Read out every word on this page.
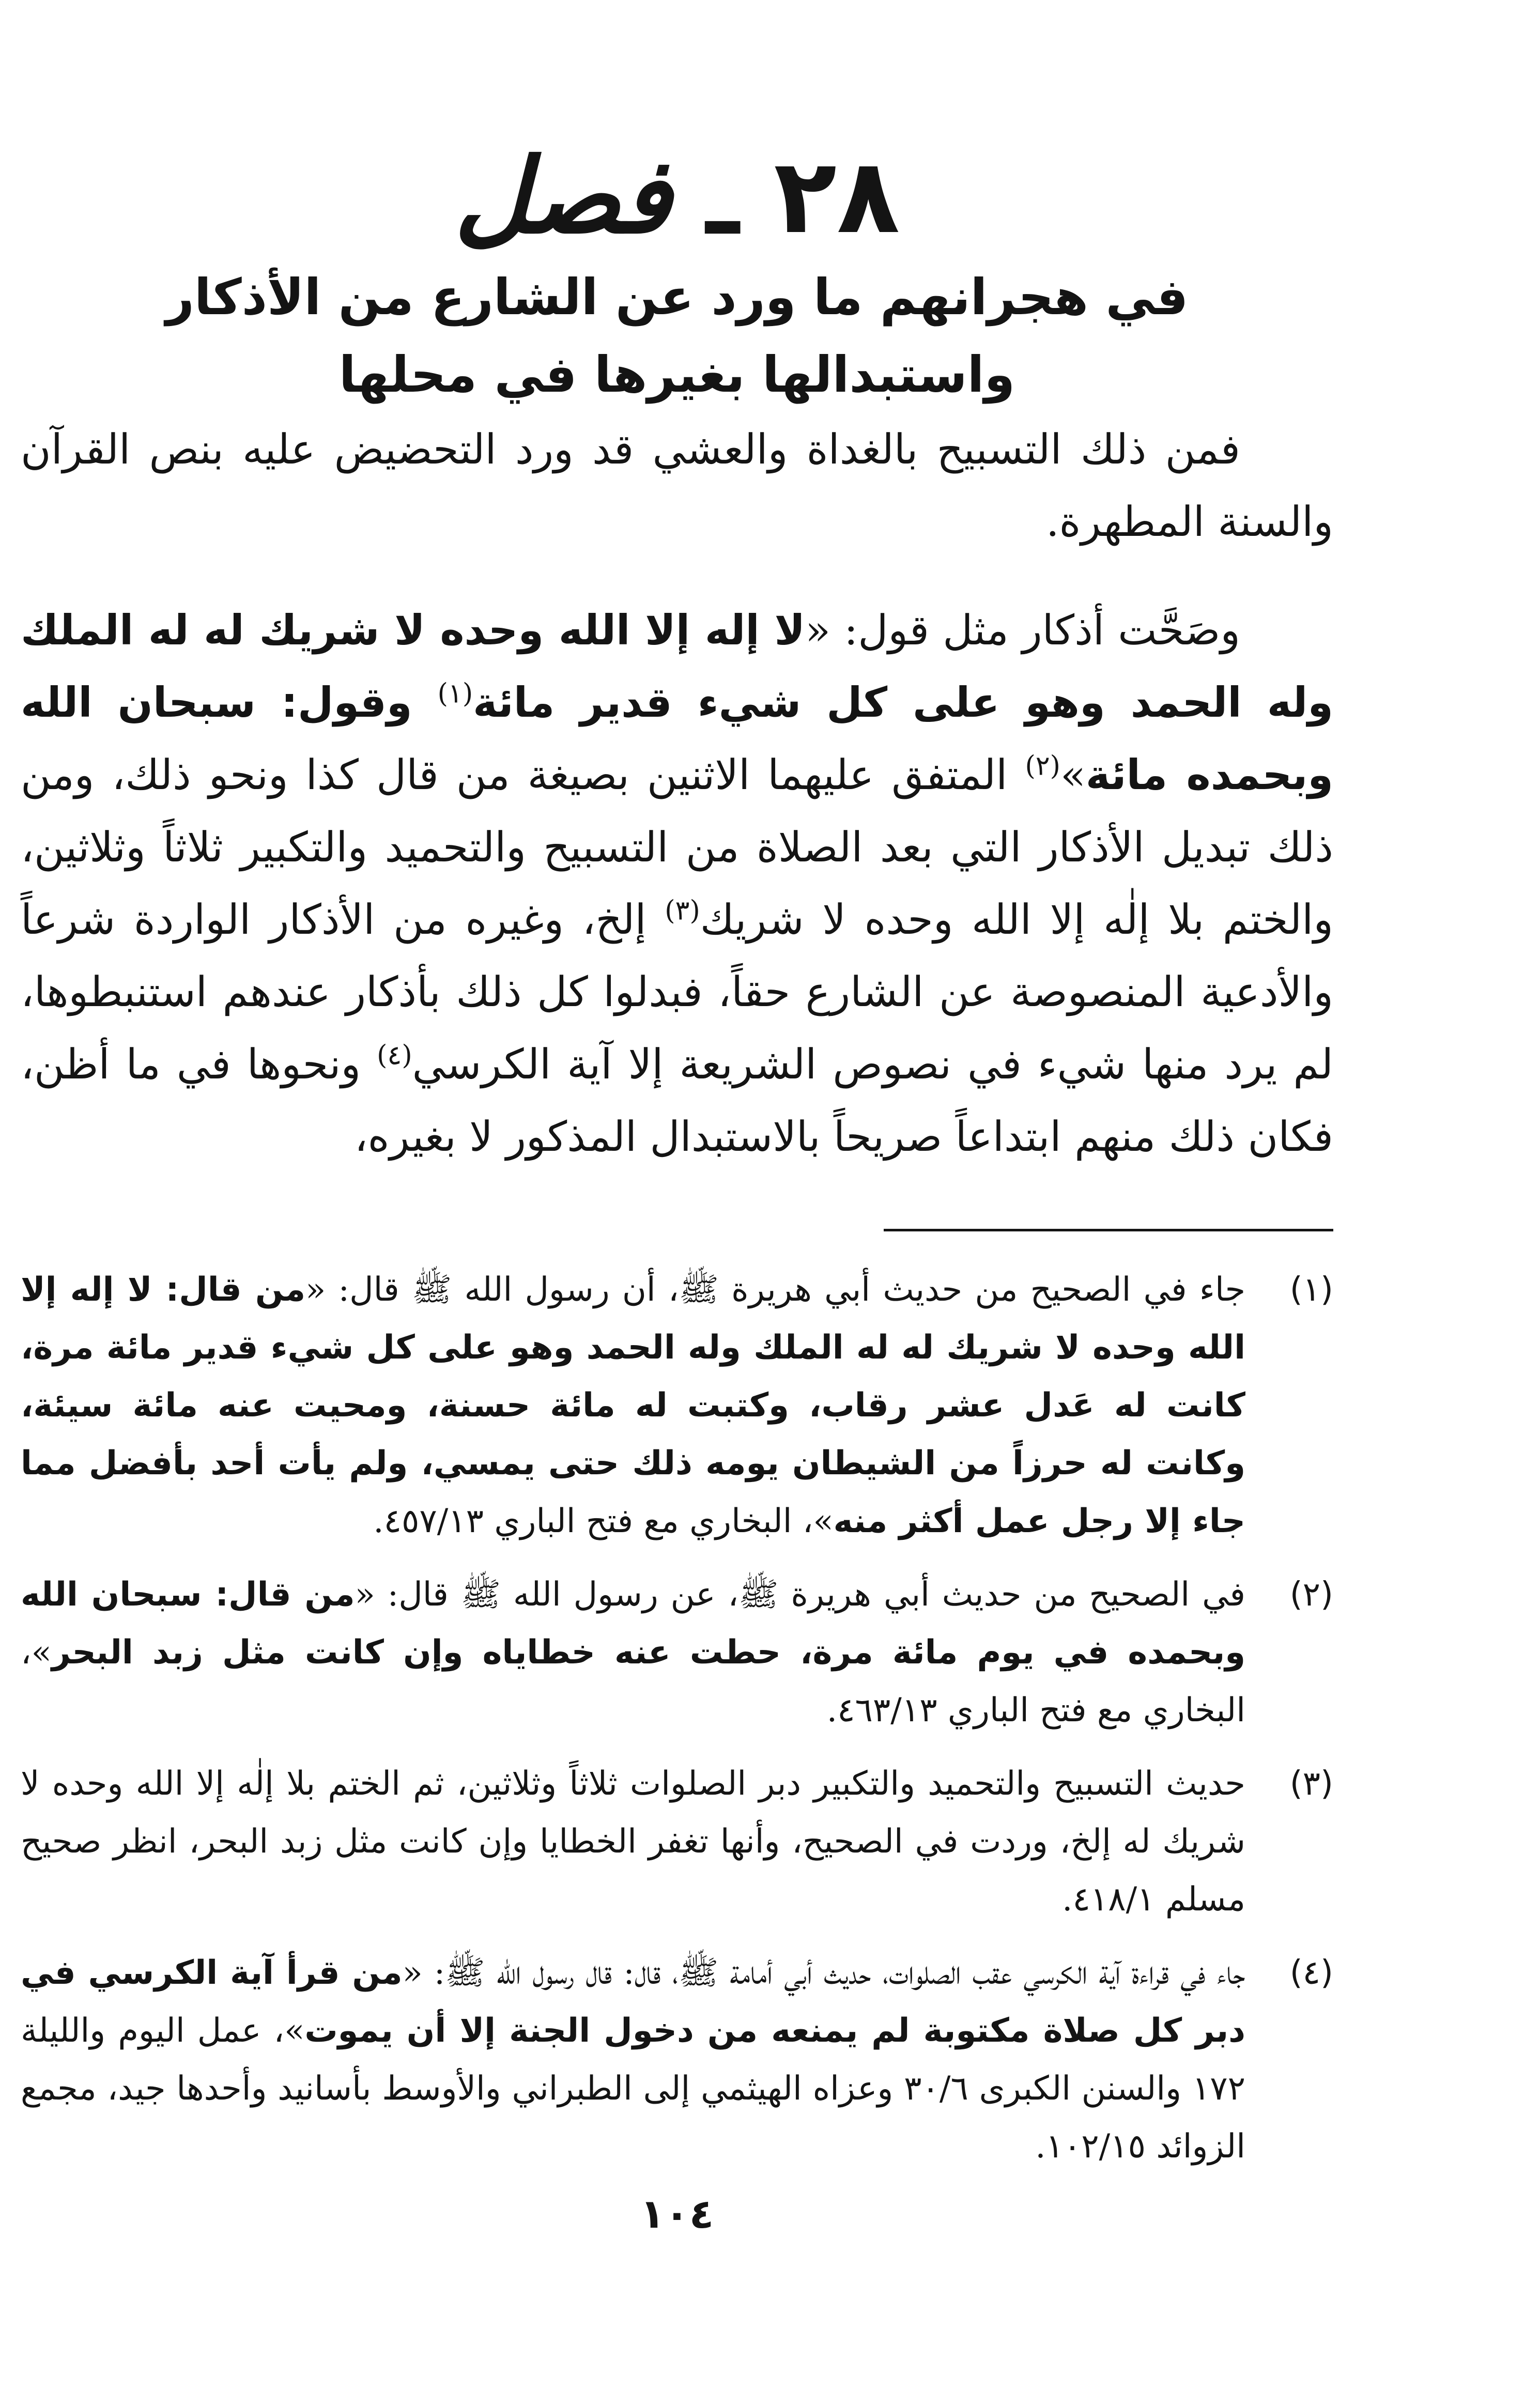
٢٨ ـ فصل
في هجرانهم ما ورد عن الشارع من الأذكار
واستبدالها بغيرها في محلها

فمن ذلك التسبيح بالغداة والعشي قد ورد التحضيض عليه بنص القرآن والسنة المطهرة.

وصَحَّت أذكار مثل قول: «لا إله إلا الله وحده لا شريك له له الملك وله الحمد وهو على كل شيء قدير مائة$^{(١)}$ وقول: سبحان الله وبحمده مائة»$^{(٢)}$ المتفق عليهما الاثنين بصيغة من قال كذا ونحو ذلك، ومن ذلك تبديل الأذكار التي بعد الصلاة من التسبيح والتحميد والتكبير ثلاثاً وثلاثين، والختم بلا إلٰه إلا الله وحده لا شريك$^{(٣)}$ إلخ، وغيره من الأذكار الواردة شرعاً والأدعية المنصوصة عن الشارع حقاً، فبدلوا كل ذلك بأذكار عندهم استنبطوها، لم يرد منها شيء في نصوص الشريعة إلا آية الكرسي$^{(٤)}$ ونحوها في ما أظن، فكان ذلك منهم ابتداعاً صريحاً بالاستبدال المذكور لا بغيره،

(١)
جاء في الصحيح من حديث أبي هريرة ﷺ، أن رسول الله ﷺ قال: «من قال: لا إله إلا الله وحده لا شريك له له الملك وله الحمد وهو على كل شيء قدير مائة مرة، كانت له عَدل عشر رقاب، وكتبت له مائة حسنة، ومحيت عنه مائة سيئة، وكانت له حرزاً من الشيطان يومه ذلك حتى يمسي، ولم يأت أحد بأفضل مما جاء إلا رجل عمل أكثر منه»، البخاري مع فتح الباري ٤٥٧/١٣.
(٢)
في الصحيح من حديث أبي هريرة ﷺ، عن رسول الله ﷺ قال: «من قال: سبحان الله وبحمده في يوم مائة مرة، حطت عنه خطاياه وإن كانت مثل زبد البحر»، البخاري مع فتح الباري ٤٦٣/١٣.
(٣)
حديث التسبيح والتحميد والتكبير دبر الصلوات ثلاثاً وثلاثين، ثم الختم بلا إلٰه إلا الله وحده لا شريك له إلخ، وردت في الصحيح، وأنها تغفر الخطايا وإن كانت مثل زبد البحر، انظر صحيح مسلم ٤١٨/١.
(٤)
جاء في قراءة آية الكرسي عقب الصلوات، حديث أبي أمامة ﷺ، قال: قال رسول الله ﷺ: «من قرأ آية الكرسي في دبر كل صلاة مكتوبة لم يمنعه من دخول الجنة إلا أن يموت»، عمل اليوم والليلة ١٧٢ والسنن الكبرى ٣٠/٦ وعزاه الهيثمي إلى الطبراني والأوسط بأسانيد وأحدها جيد، مجمع الزوائد ١٠٢/١٥.
١٠٤
